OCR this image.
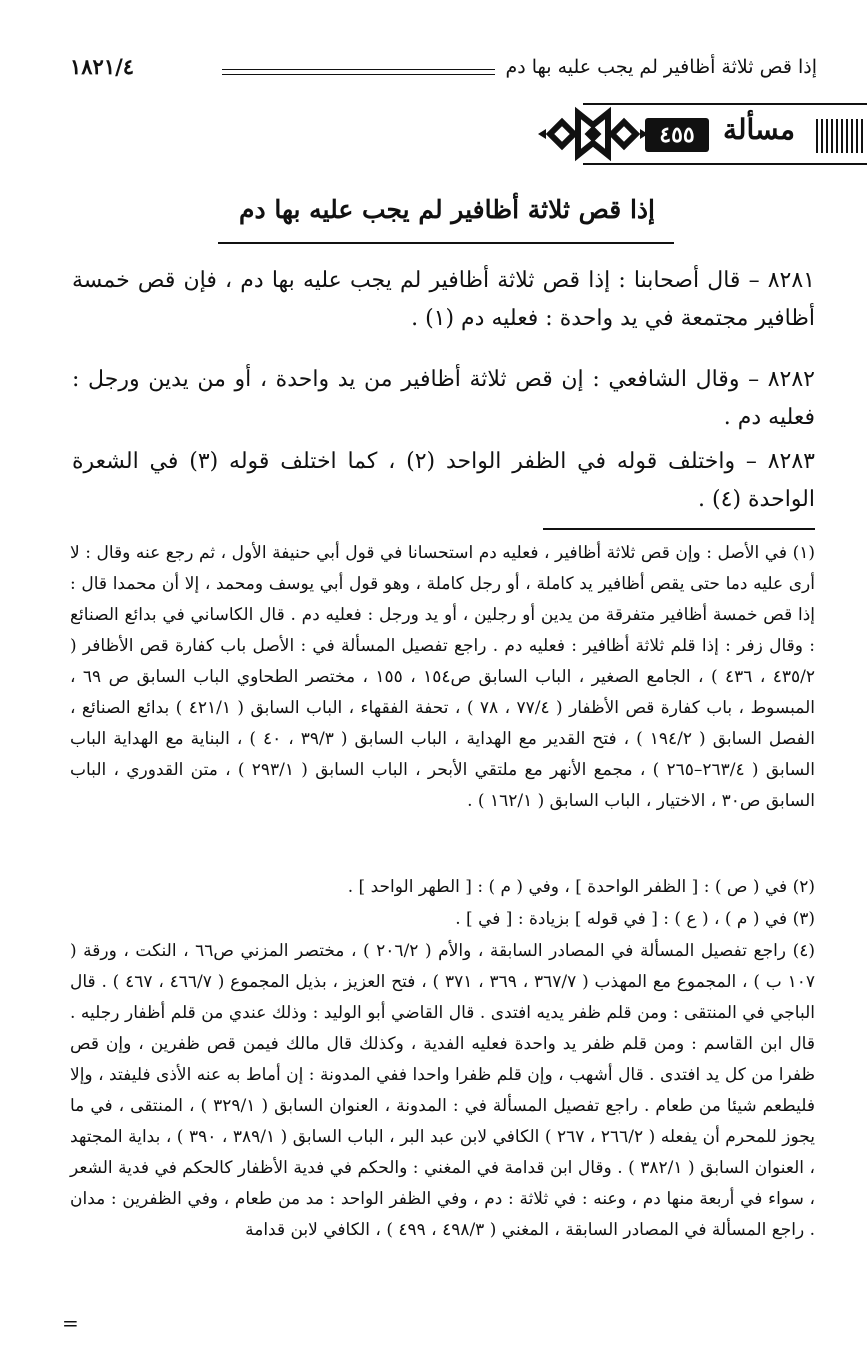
إذا قص ثلاثة أظافير لم يجب عليه بها دم
١٨٢١/٤
مسألة
٤٥٥
إذا قص ثلاثة أظافير لم يجب عليه بها دم

٨٢٨١ – قال أصحابنا : إذا قص ثلاثة أظافير لم يجب عليه بها دم ، فإن قص خمسة أظافير مجتمعة في يد واحدة : فعليه دم (١) .

٨٢٨٢ – وقال الشافعي : إن قص ثلاثة أظافير من يد واحدة ، أو من يدين ورجل : فعليه دم .

٨٢٨٣ – واختلف قوله في الظفر الواحد (٢) ، كما اختلف قوله (٣) في الشعرة الواحدة (٤) .

(١) في الأصل : وإن قص ثلاثة أظافير ، فعليه دم استحسانا في قول أبي حنيفة الأول ، ثم رجع عنه وقال : لا أرى عليه دما حتى يقص أظافير يد كاملة ، أو رجل كاملة ، وهو قول أبي يوسف ومحمد ، إلا أن محمدا قال : إذا قص خمسة أظافير متفرقة من يدين أو رجلين ، أو يد ورجل : فعليه دم . قال الكاساني في بدائع الصنائع : وقال زفر : إذا قلم ثلاثة أظافير : فعليه دم . راجع تفصيل المسألة في : الأصل باب كفارة قص الأظافر ( ٤٣٥/٢ ، ٤٣٦ ) ، الجامع الصغير ، الباب السابق ص١٥٤ ، ١٥٥ ، مختصر الطحاوي الباب السابق ص ٦٩ ، المبسوط ، باب كفارة قص الأظفار ( ٧٧/٤ ، ٧٨ ) ، تحفة الفقهاء ، الباب السابق ( ٤٢١/١ ) بدائع الصنائع ، الفصل السابق ( ١٩٤/٢ ) ، فتح القدير مع الهداية ، الباب السابق ( ٣٩/٣ ، ٤٠ ) ، البناية مع الهداية الباب السابق ( ٢٦٣/٤–٢٦٥ ) ، مجمع الأنهر مع ملتقي الأبحر ، الباب السابق ( ٢٩٣/١ ) ، متن القدوري ، الباب السابق ص٣٠ ، الاختيار ، الباب السابق ( ١٦٢/١ ) .

(٢) في ( ص ) : [ الظفر الواحدة ] ، وفي ( م ) : [ الطهر الواحد ] .

(٣) في ( م ) ، ( ع ) : [ في قوله ] بزيادة : [ في ] .

(٤) راجع تفصيل المسألة في المصادر السابقة ، والأم ( ٢٠٦/٢ ) ، مختصر المزني ص٦٦ ، النكت ، ورقة ( ١٠٧ ب ) ، المجموع مع المهذب ( ٣٦٧/٧ ، ٣٦٩ ، ٣٧١ ) ، فتح العزيز ، بذيل المجموع ( ٤٦٦/٧ ، ٤٦٧ ) . قال الباجي في المنتقى : ومن قلم ظفر يديه افتدى . قال القاضي أبو الوليد : وذلك عندي من قلم أظفار رجليه . قال ابن القاسم : ومن قلم ظفر يد واحدة فعليه الفدية ، وكذلك قال مالك فيمن قص ظفرين ، وإن قص ظفرا من كل يد افتدى . قال أشهب ، وإن قلم ظفرا واحدا ففي المدونة : إن أماط به عنه الأذى فليفتد ، وإلا فليطعم شيئا من طعام . راجع تفصيل المسألة في : المدونة ، العنوان السابق ( ٣٢٩/١ ) ، المنتقى ، في ما يجوز للمحرم أن يفعله ( ٢٦٦/٢ ، ٢٦٧ ) الكافي لابن عبد البر ، الباب السابق ( ٣٨٩/١ ، ٣٩٠ ) ، بداية المجتهد ، العنوان السابق ( ٣٨٢/١ ) . وقال ابن قدامة في المغني : والحكم في فدية الأظفار كالحكم في فدية الشعر ، سواء في أربعة منها دم ، وعنه : في ثلاثة : دم ، وفي الظفر الواحد : مد من طعام ، وفي الظفرين : مدان . راجع المسألة في المصادر السابقة ، المغني ( ٤٩٨/٣ ، ٤٩٩ ) ، الكافي لابن قدامة

=
